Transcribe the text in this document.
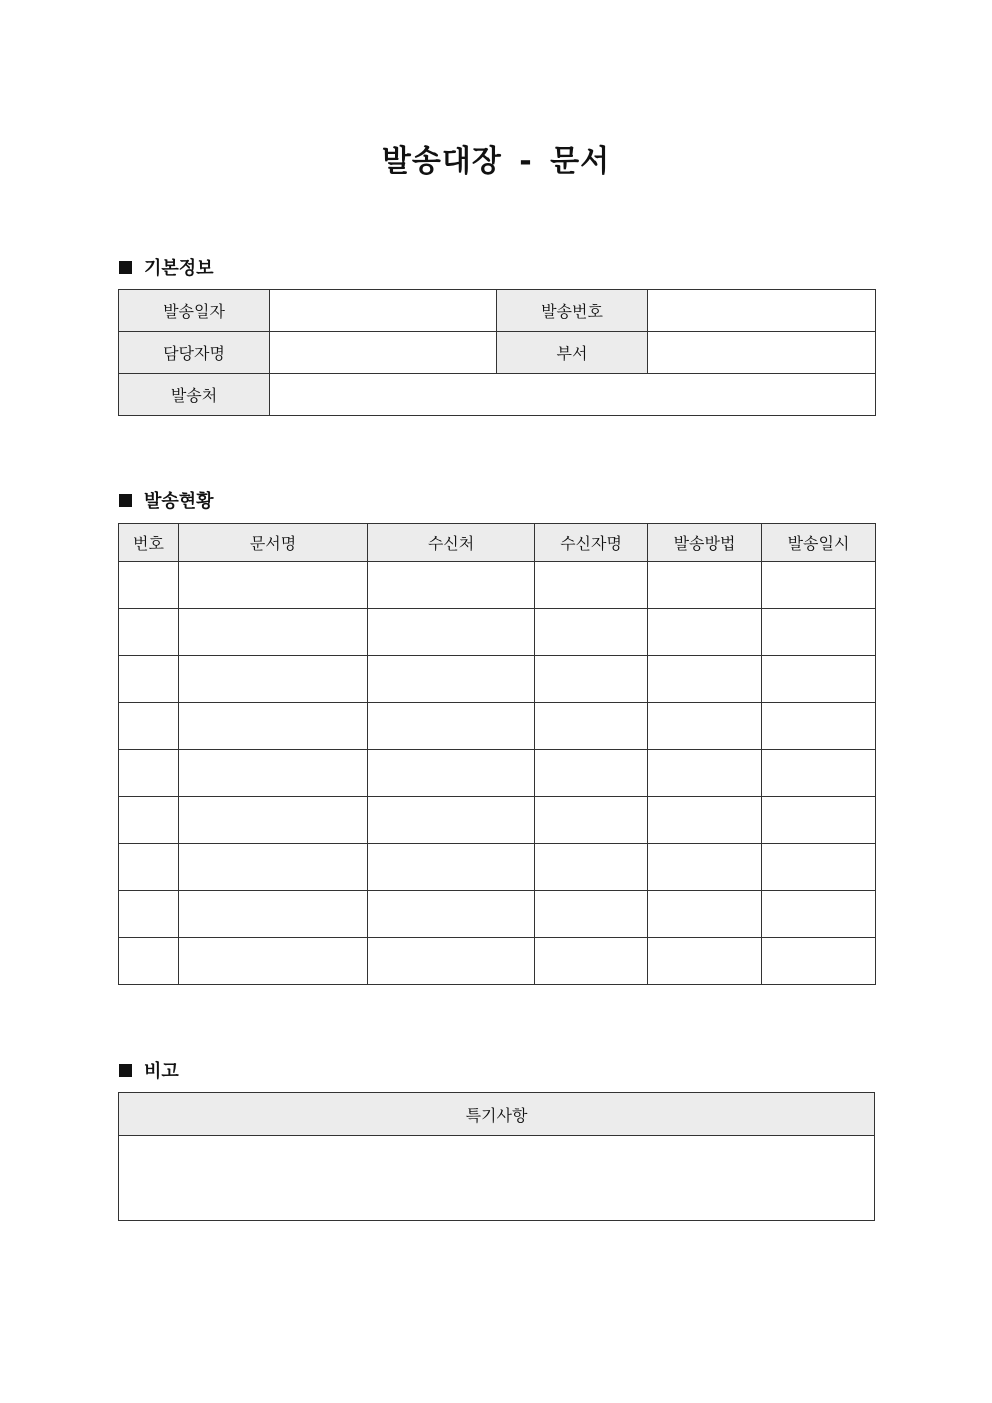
발송대장 - 문서
기본정보
발송일자		발송번호	
담당자명		부서	
발송처			
발송현황
번호	문서명	수신처	수신자명	발송방법	발송일시

비고
특기사항
